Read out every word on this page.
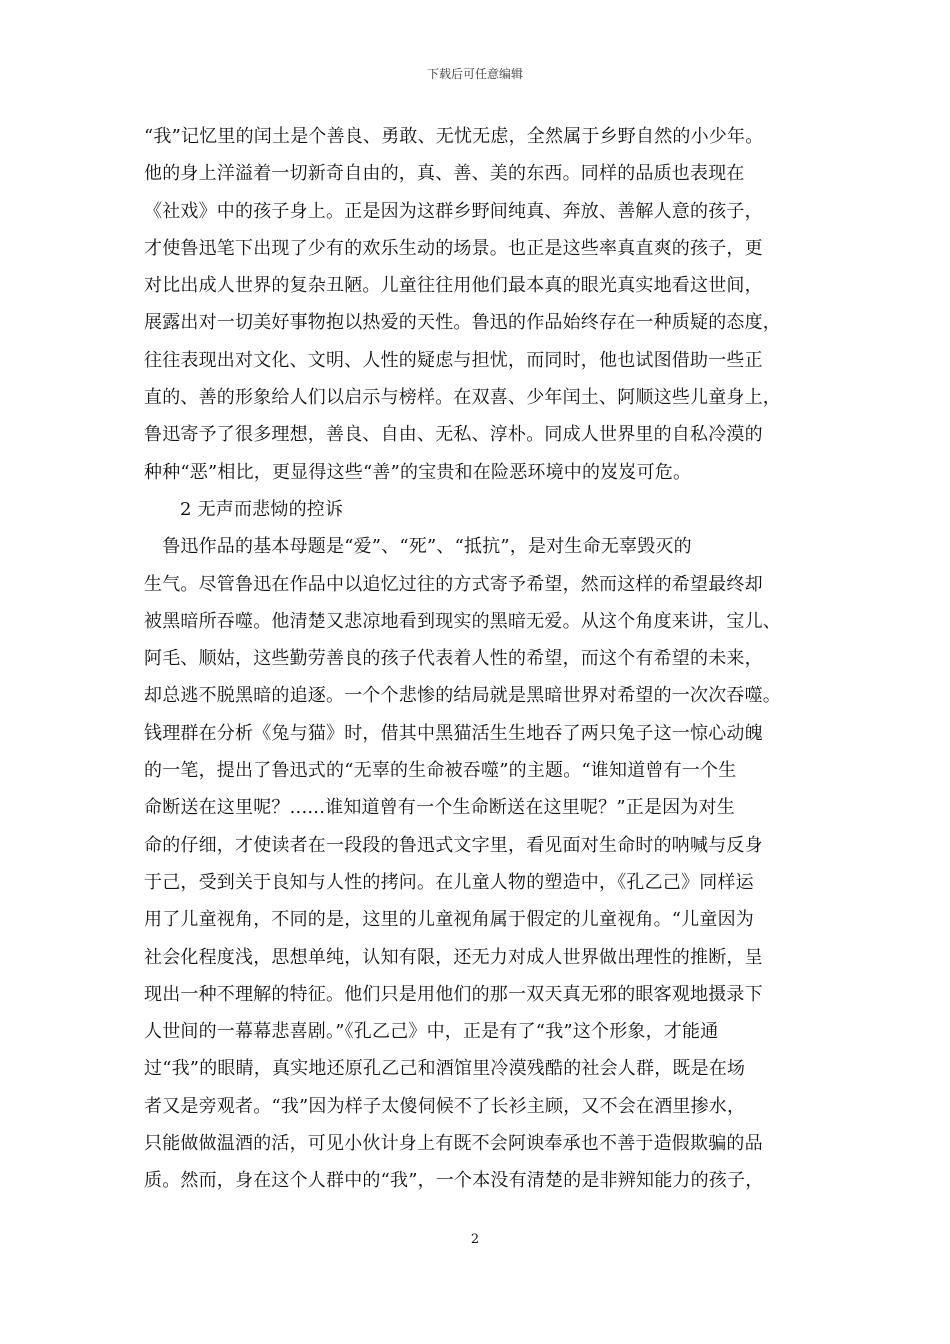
下载后可任意编辑
“我”记忆里的闰土是个善良、勇敢、无忧无虑，全然属于乡野自然的小少年。
他的身上洋溢着一切新奇自由的，真、善、美的东西。同样的品质也表现在
《社戏》中的孩子身上。正是因为这群乡野间纯真、奔放、善解人意的孩子，
才使鲁迅笔下出现了少有的欢乐生动的场景。也正是这些率真直爽的孩子，更
对比出成人世界的复杂丑陋。儿童往往用他们最本真的眼光真实地看这世间，
展露出对一切美好事物抱以热爱的天性。鲁迅的作品始终存在一种质疑的态度，
往往表现出对文化、文明、人性的疑虑与担忧，而同时，他也试图借助一些正
直的、善的形象给人们以启示与榜样。在双喜、少年闰土、阿顺这些儿童身上，
鲁迅寄予了很多理想，善良、自由、无私、淳朴。同成人世界里的自私冷漠的
种种“恶”相比，更显得这些“善”的宝贵和在险恶环境中的岌岌可危。
2 无声而悲恸的控诉
　鲁迅作品的基本母题是“爱”、“死”、“抵抗”，是对生命无辜毁灭的
生气。尽管鲁迅在作品中以追忆过往的方式寄予希望，然而这样的希望最终却
被黑暗所吞噬。他清楚又悲凉地看到现实的黑暗无爱。从这个角度来讲，宝儿、
阿毛、顺姑，这些勤劳善良的孩子代表着人性的希望，而这个有希望的未来，
却总逃不脱黑暗的追逐。一个个悲惨的结局就是黑暗世界对希望的一次次吞噬。
钱理群在分析《兔与猫》时，借其中黑猫活生生地吞了两只兔子这一惊心动魄
的一笔，提出了鲁迅式的“无辜的生命被吞噬”的主题。“谁知道曾有一个生
命断送在这里呢？......谁知道曾有一个生命断送在这里呢？”正是因为对生
命的仔细，才使读者在一段段的鲁迅式文字里，看见面对生命时的呐喊与反身
于己，受到关于良知与人性的拷问。在儿童人物的塑造中，《孔乙己》同样运
用了儿童视角，不同的是，这里的儿童视角属于假定的儿童视角。“儿童因为
社会化程度浅，思想单纯，认知有限，还无力对成人世界做出理性的推断，呈
现出一种不理解的特征。他们只是用他们的那一双天真无邪的眼客观地摄录下
人世间的一幕幕悲喜剧。”《孔乙己》中，正是有了“我”这个形象，才能通
过“我”的眼睛，真实地还原孔乙己和酒馆里冷漠残酷的社会人群，既是在场
者又是旁观者。“我”因为样子太傻伺候不了长衫主顾，又不会在酒里掺水，
只能做做温酒的活，可见小伙计身上有既不会阿谀奉承也不善于造假欺骗的品
质。然而，身在这个人群中的“我”，一个本没有清楚的是非辨知能力的孩子，
2
